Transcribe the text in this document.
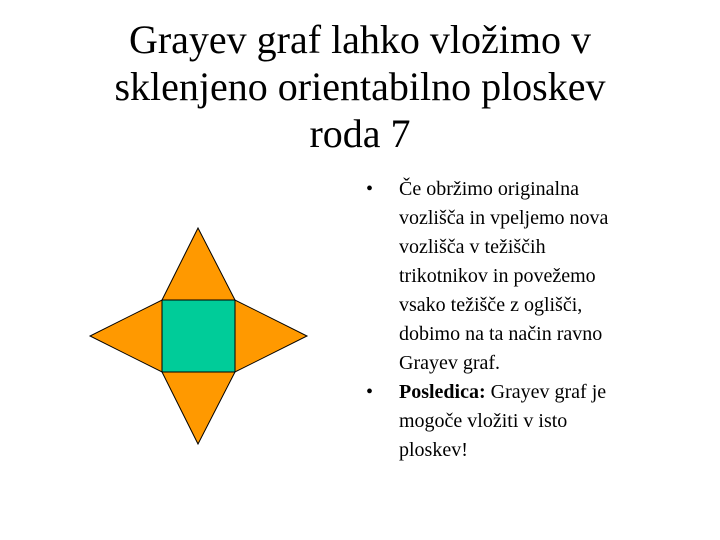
Grayev graf lahko vložimo v
sklenjeno orientabilno ploskev
roda 7
• Če obržimo originalna
vozlišča in vpeljemo nova
vozlišča v težiščih
trikotnikov in povežemo
vsako težišče z oglišči,
dobimo na ta način ravno
Grayev graf.
• Posledica: Grayev graf je
mogoče vložiti v isto
ploskev!
